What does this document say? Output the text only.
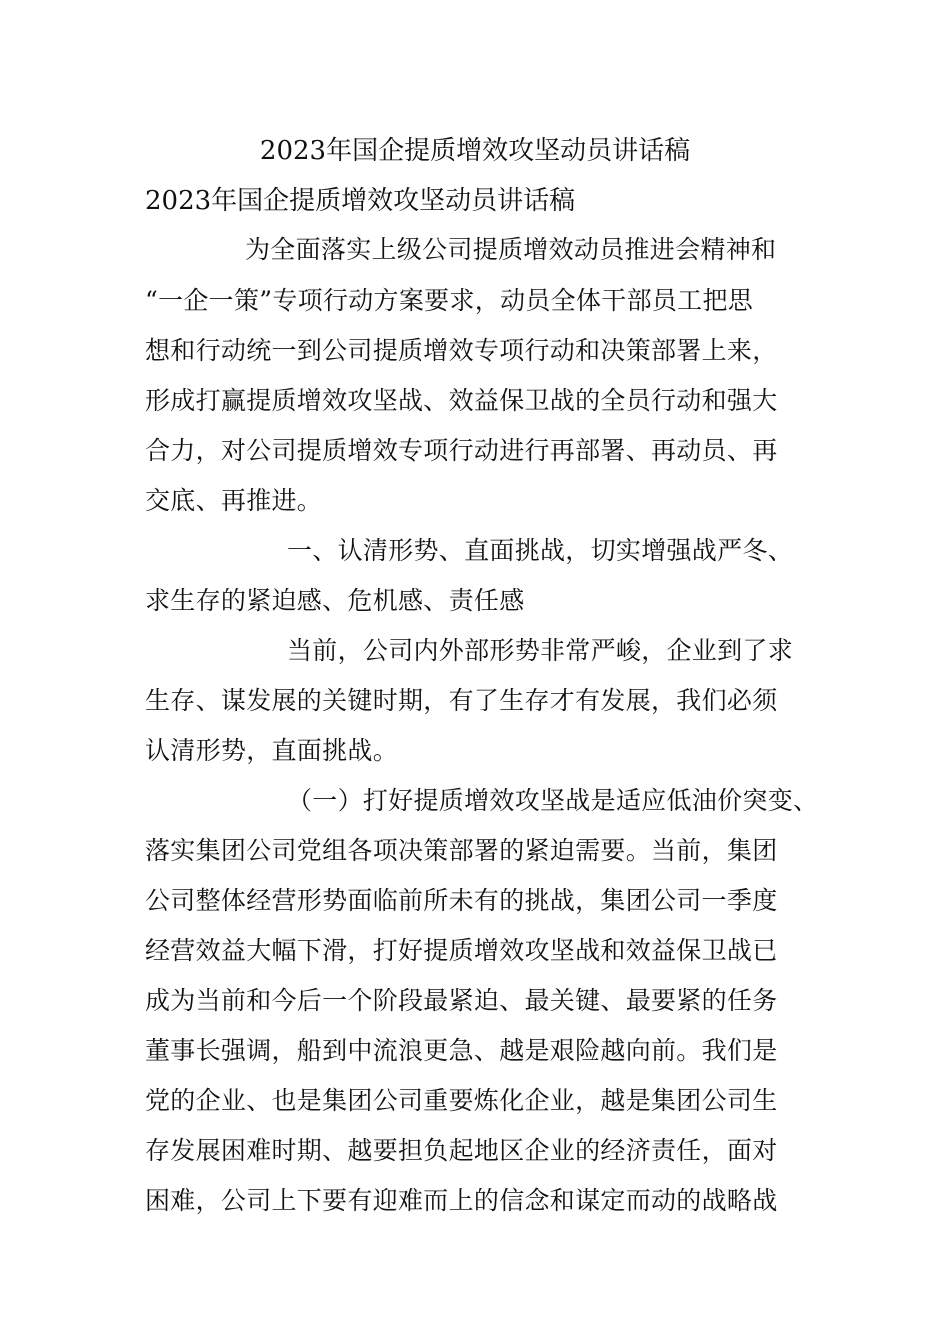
2023年国企提质增效攻坚动员讲话稿
2023年国企提质增效攻坚动员讲话稿
为全面落实上级公司提质增效动员推进会精神和
“一企一策”专项行动方案要求，动员全体干部员工把思
想和行动统一到公司提质增效专项行动和决策部署上来，
形成打赢提质增效攻坚战、效益保卫战的全员行动和强大
合力，对公司提质增效专项行动进行再部署、再动员、再
交底、再推进。
一、认清形势、直面挑战，切实增强战严冬、
求生存的紧迫感、危机感、责任感
当前，公司内外部形势非常严峻，企业到了求
生存、谋发展的关键时期，有了生存才有发展，我们必须
认清形势，直面挑战。
（一）打好提质增效攻坚战是适应低油价突变、
落实集团公司党组各项决策部署的紧迫需要。当前，集团
公司整体经营形势面临前所未有的挑战，集团公司一季度
经营效益大幅下滑，打好提质增效攻坚战和效益保卫战已
成为当前和今后一个阶段最紧迫、最关键、最要紧的任务
董事长强调，船到中流浪更急、越是艰险越向前。我们是
党的企业、也是集团公司重要炼化企业，越是集团公司生
存发展困难时期、越要担负起地区企业的经济责任，面对
困难，公司上下要有迎难而上的信念和谋定而动的战略战
